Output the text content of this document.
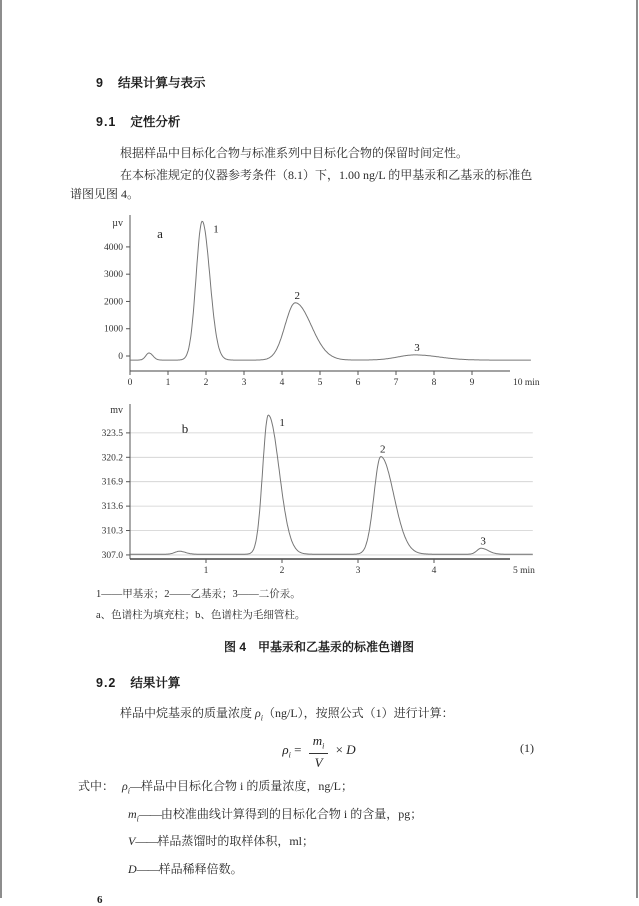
9 结果计算与表示

9.1 定性分析

根据样品中目标化合物与标准系列中目标化合物的保留时间定性。

在本标准规定的仪器参考条件（8.1）下，1.00 ng/L 的甲基汞和乙基汞的标准色谱图见图 4。

0
1000
2000
3000
4000
0	1	2	3	4	5	6	7	8	9	10 min
µv
a	1
2
3
307.0
310.3
313.6
316.9
320.2
323.5
1	2	3	4	5 min
mv
b	1
2
3

1——甲基汞；2——乙基汞；3——二价汞。

a、色谱柱为填充柱；b、色谱柱为毛细管柱。

图 4　甲基汞和乙基汞的标准色谱图

9.2 结果计算

样品中烷基汞的质量浓度 $\rho_i(ng/L)$，按照公式（1）进行计算：

$\rho_i = \frac{m_i}{V} \times D$	(1)
式中： $\rho_i—$样品中目标化合物 i 的质量浓度，ng/L；
$m_i——$由校准曲线计算得到的目标化合物 i 的含量，pg；
V——样品蒸馏时的取样体积，ml；
D——样品稀释倍数。
6
